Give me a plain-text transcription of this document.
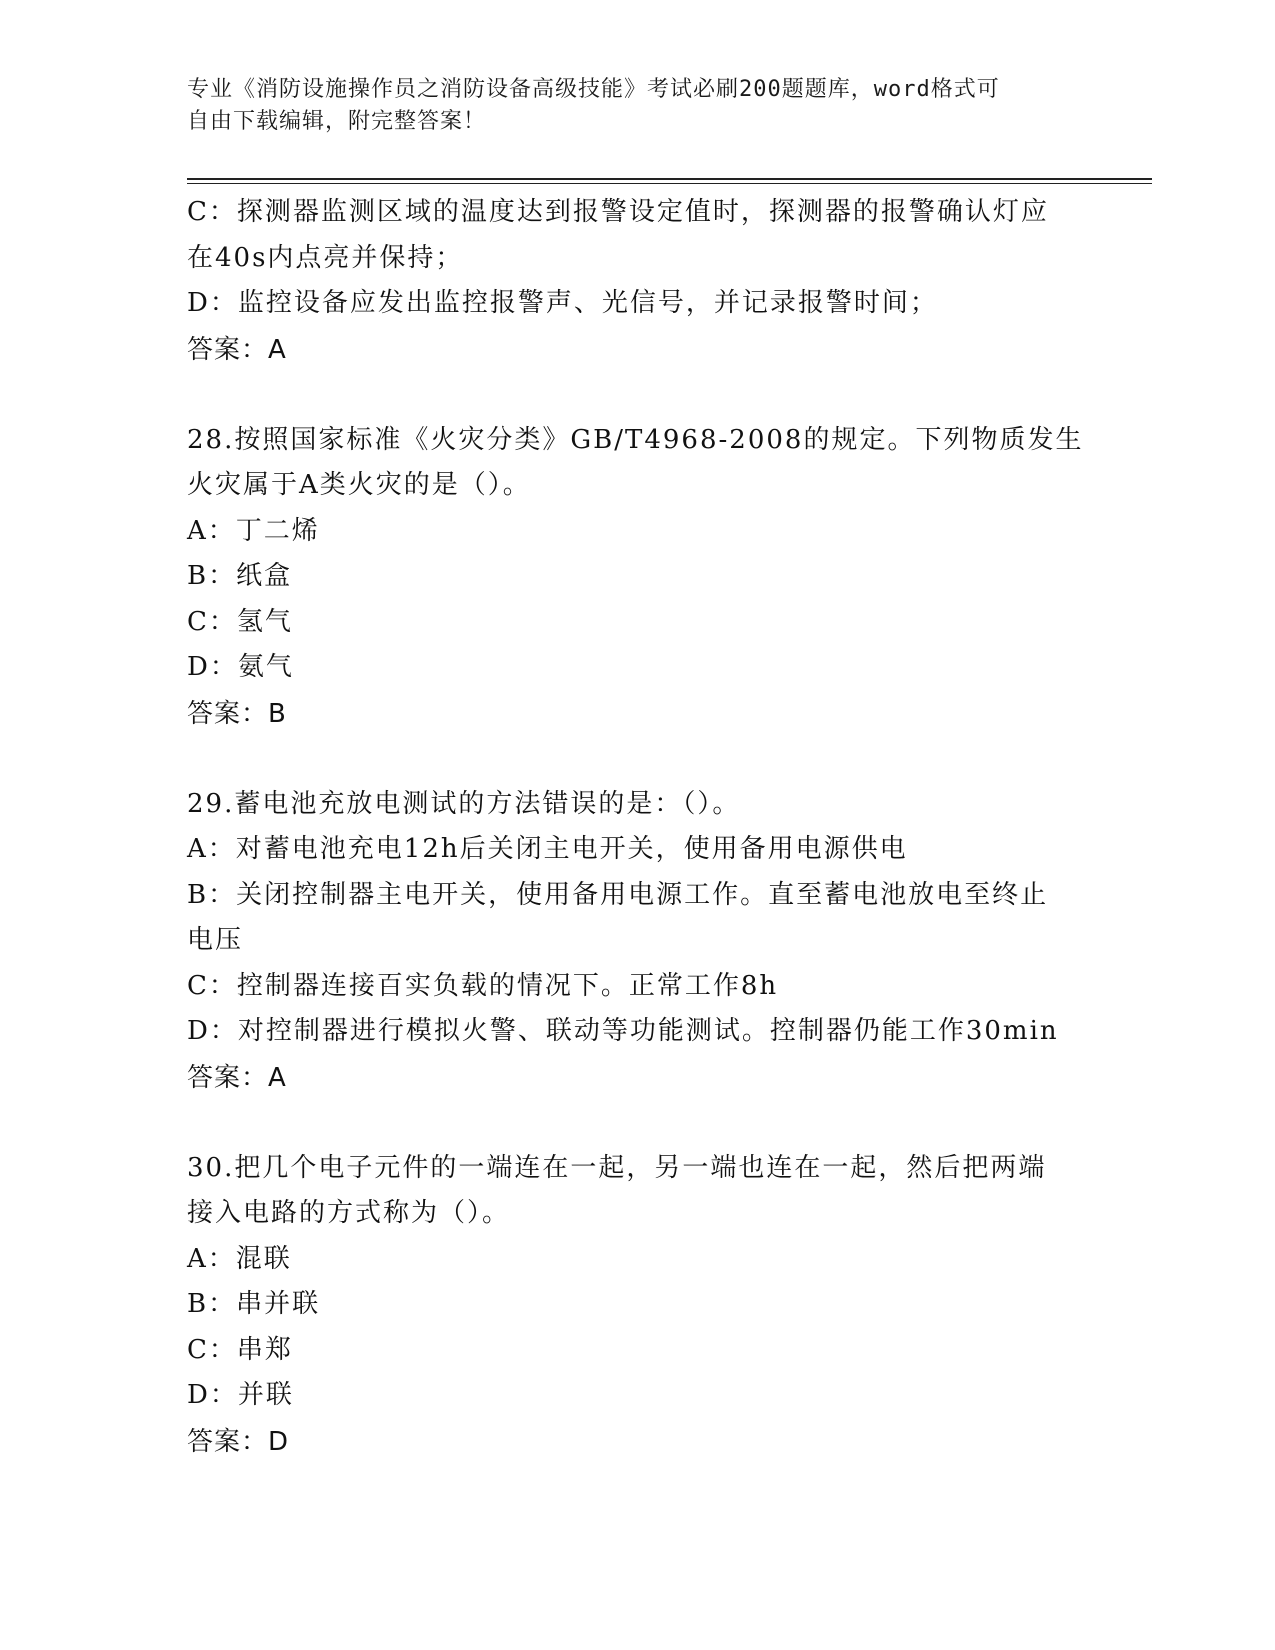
专业《消防设施操作员之消防设备高级技能》考试必刷200题题库，word格式可
自由下载编辑，附完整答案！
C：探测器监测区域的温度达到报警设定值时，探测器的报警确认灯应
在40s内点亮并保持；
D：监控设备应发出监控报警声、光信号，并记录报警时间；
答案：A
28.按照国家标准《火灾分类》GB/T4968-2008的规定。下列物质发生
火灾属于A类火灾的是（）。
A：丁二烯
B：纸盒
C：氢气
D：氨气
答案：B
29.蓄电池充放电测试的方法错误的是：（）。
A：对蓄电池充电12h后关闭主电开关，使用备用电源供电
B：关闭控制器主电开关，使用备用电源工作。直至蓄电池放电至终止
电压
C：控制器连接百实负载的情况下。正常工作8h
D：对控制器进行模拟火警、联动等功能测试。控制器仍能工作30min
答案：A
30.把几个电子元件的一端连在一起，另一端也连在一起，然后把两端
接入电路的方式称为（）。
A：混联
B：串并联
C：串郑
D：并联
答案：D
